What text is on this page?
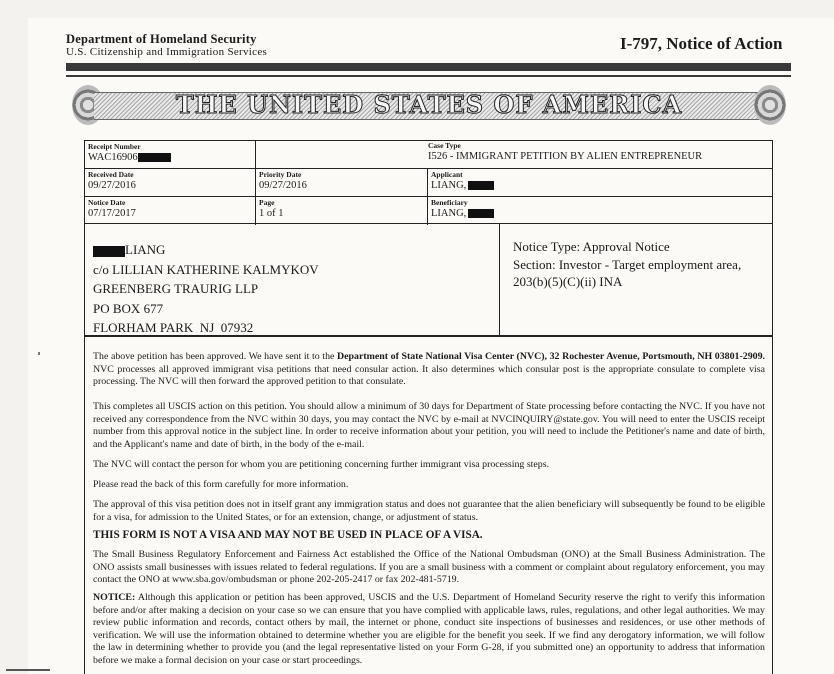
Department of Homeland Security
U.S. Citizenship and Immigration Services	I-797, Notice of Action
THE UNITED STATES OF AMERICA
Receipt Number
WAC16906
Case Type
I526 - IMMIGRANT PETITION BY ALIEN ENTREPRENEUR
Received Date
09/27/2016
Priority Date
09/27/2016
Applicant
LIANG,
Notice Date
07/17/2017
Page
1 of 1
Beneficiary
LIANG,
LIANG
c/o LILLIAN KATHERINE KALMYKOV
GREENBERG TRAURIG LLP
PO BOX 677
FLORHAM PARK  NJ  07932
Notice Type: Approval Notice
Section: Investor - Target employment area,
203(b)(5)(C)(ii) INA

The above petition has been approved. We have sent it to the Department of State National Visa Center (NVC), 32 Rochester Avenue, Portsmouth, NH 03801-2909. NVC processes all approved immigrant visa petitions that need consular action. It also determines which consular post is the appropriate consulate to complete visa processing. The NVC will then forward the approved petition to that consulate.

This completes all USCIS action on this petition. You should allow a minimum of 30 days for Department of State processing before contacting the NVC. If you have not received any correspondence from the NVC within 30 days, you may contact the NVC by e-mail at NVCINQUIRY@state.gov. You will need to enter the USCIS receipt number from this approval notice in the subject line. In order to receive information about your petition, you will need to include the Petitioner's name and date of birth, and the Applicant's name and date of birth, in the body of the e-mail.

The NVC will contact the person for whom you are petitioning concerning further immigrant visa processing steps.

Please read the back of this form carefully for more information.

The approval of this visa petition does not in itself grant any immigration status and does not guarantee that the alien beneficiary will subsequently be found to be eligible for a visa, for admission to the United States, or for an extension, change, or adjustment of status.

THIS FORM IS NOT A VISA AND MAY NOT BE USED IN PLACE OF A VISA.

The Small Business Regulatory Enforcement and Fairness Act established the Office of the National Ombudsman (ONO) at the Small Business Administration. The ONO assists small businesses with issues related to federal regulations. If you are a small business with a comment or complaint about regulatory enforcement, you may contact the ONO at www.sba.gov/ombudsman or phone 202-205-2417 or fax 202-481-5719.

NOTICE: Although this application or petition has been approved, USCIS and the U.S. Department of Homeland Security reserve the right to verify this information before and/or after making a decision on your case so we can ensure that you have complied with applicable laws, rules, regulations, and other legal authorities. We may review public information and records, contact others by mail, the internet or phone, conduct site inspections of businesses and residences, or use other methods of verification. We will use the information obtained to determine whether you are eligible for the benefit you seek. If we find any derogatory information, we will follow the law in determining whether to provide you (and the legal representative listed on your Form G-28, if you submitted one) an opportunity to address that information before we make a formal decision on your case or start proceedings.
